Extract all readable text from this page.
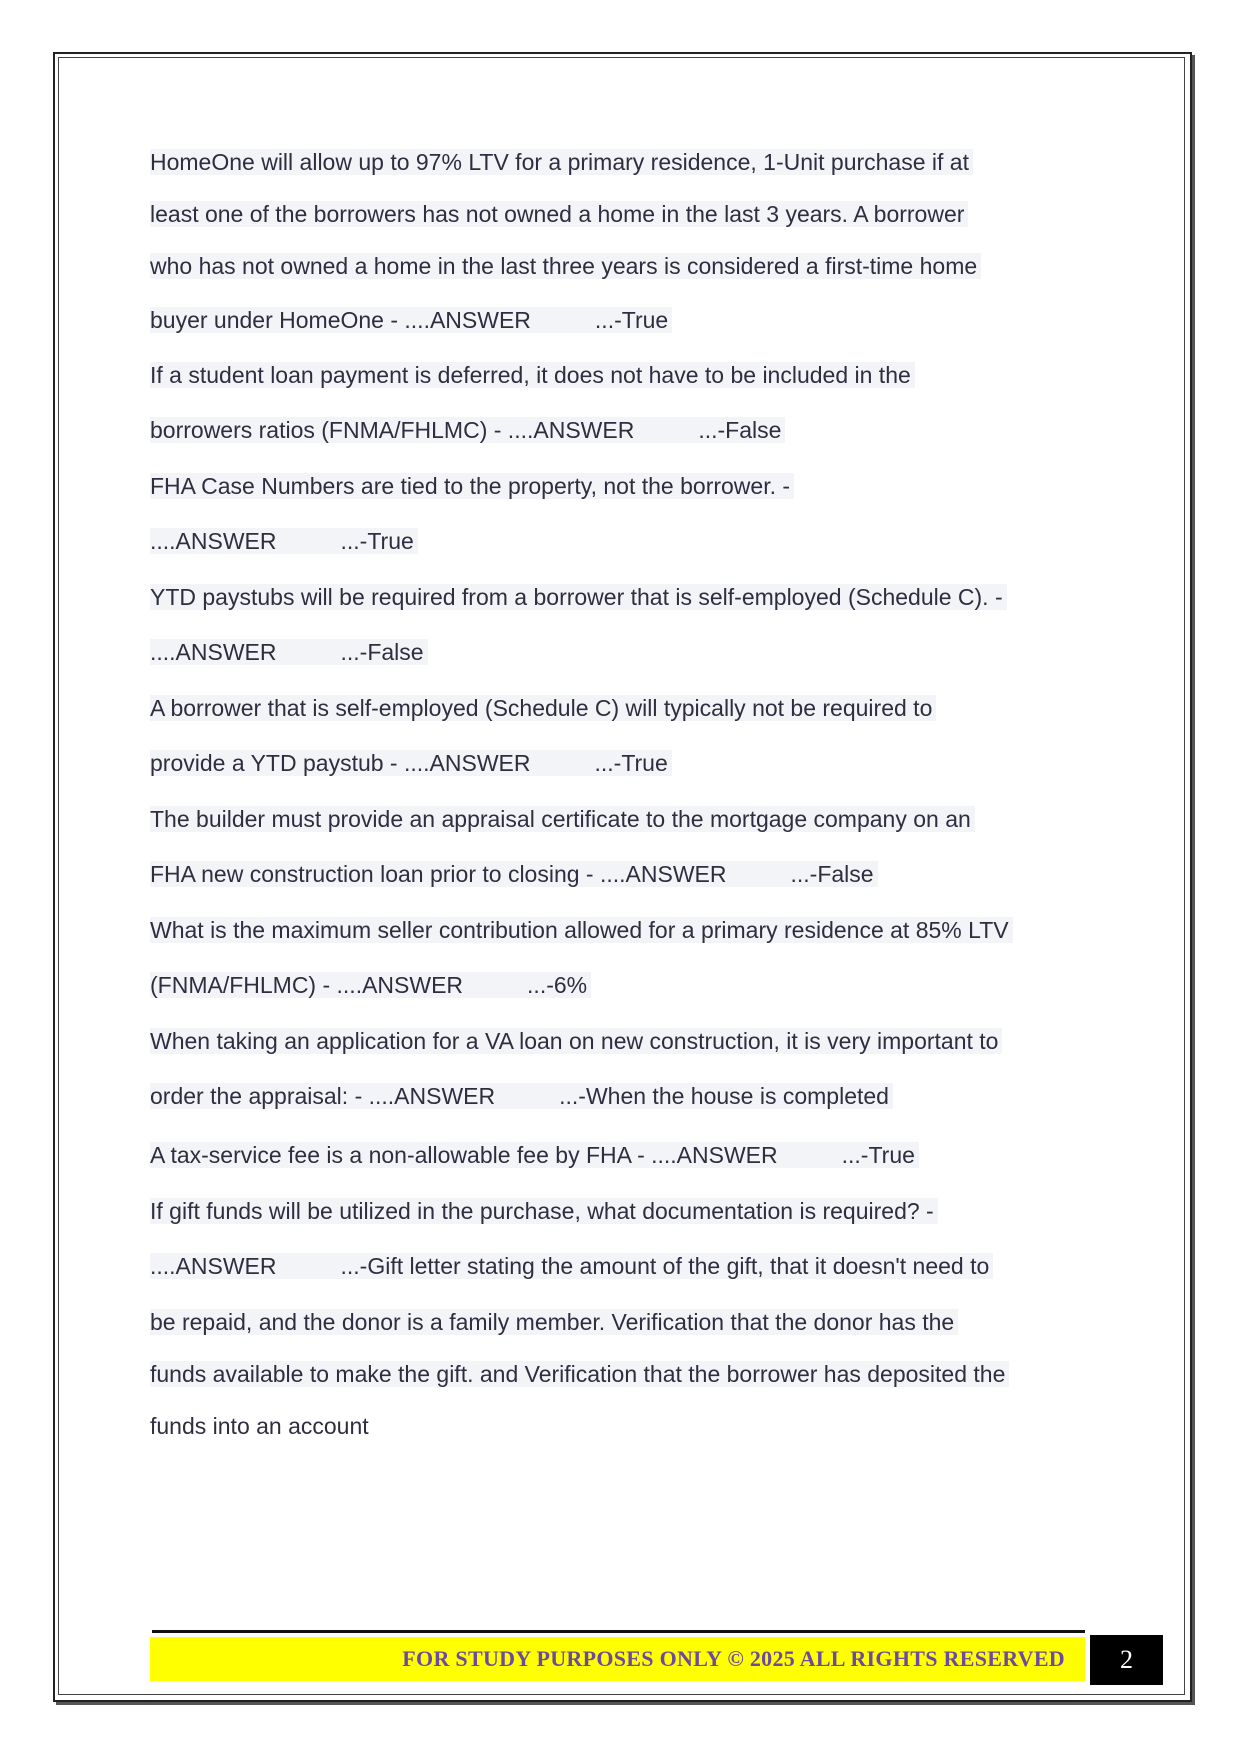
HomeOne will allow up to 97% LTV for a primary residence, 1-Unit purchase if at
least one of the borrowers has not owned a home in the last 3 years. A borrower
who has not owned a home in the last three years is considered a first-time home
buyer under HomeOne - ....ANSWER	...-True
If a student loan payment is deferred, it does not have to be included in the
borrowers ratios (FNMA/FHLMC) - ....ANSWER	...-False
FHA Case Numbers are tied to the property, not the borrower. -
....ANSWER	...-True
YTD paystubs will be required from a borrower that is self-employed (Schedule C). -
....ANSWER	...-False
A borrower that is self-employed (Schedule C) will typically not be required to
provide a YTD paystub - ....ANSWER	...-True
The builder must provide an appraisal certificate to the mortgage company on an
FHA new construction loan prior to closing - ....ANSWER	...-False
What is the maximum seller contribution allowed for a primary residence at 85% LTV
(FNMA/FHLMC) - ....ANSWER	...-6%
When taking an application for a VA loan on new construction, it is very important to
order the appraisal: - ....ANSWER	...-When the house is completed
A tax-service fee is a non-allowable fee by FHA - ....ANSWER	...-True
If gift funds will be utilized in the purchase, what documentation is required? -
....ANSWER	...-Gift letter stating the amount of the gift, that it doesn't need to
be repaid, and the donor is a family member. Verification that the donor has the
funds available to make the gift. and Verification that the borrower has deposited the
funds into an account
FOR STUDY PURPOSES ONLY © 2025 ALL RIGHTS RESERVED	2
